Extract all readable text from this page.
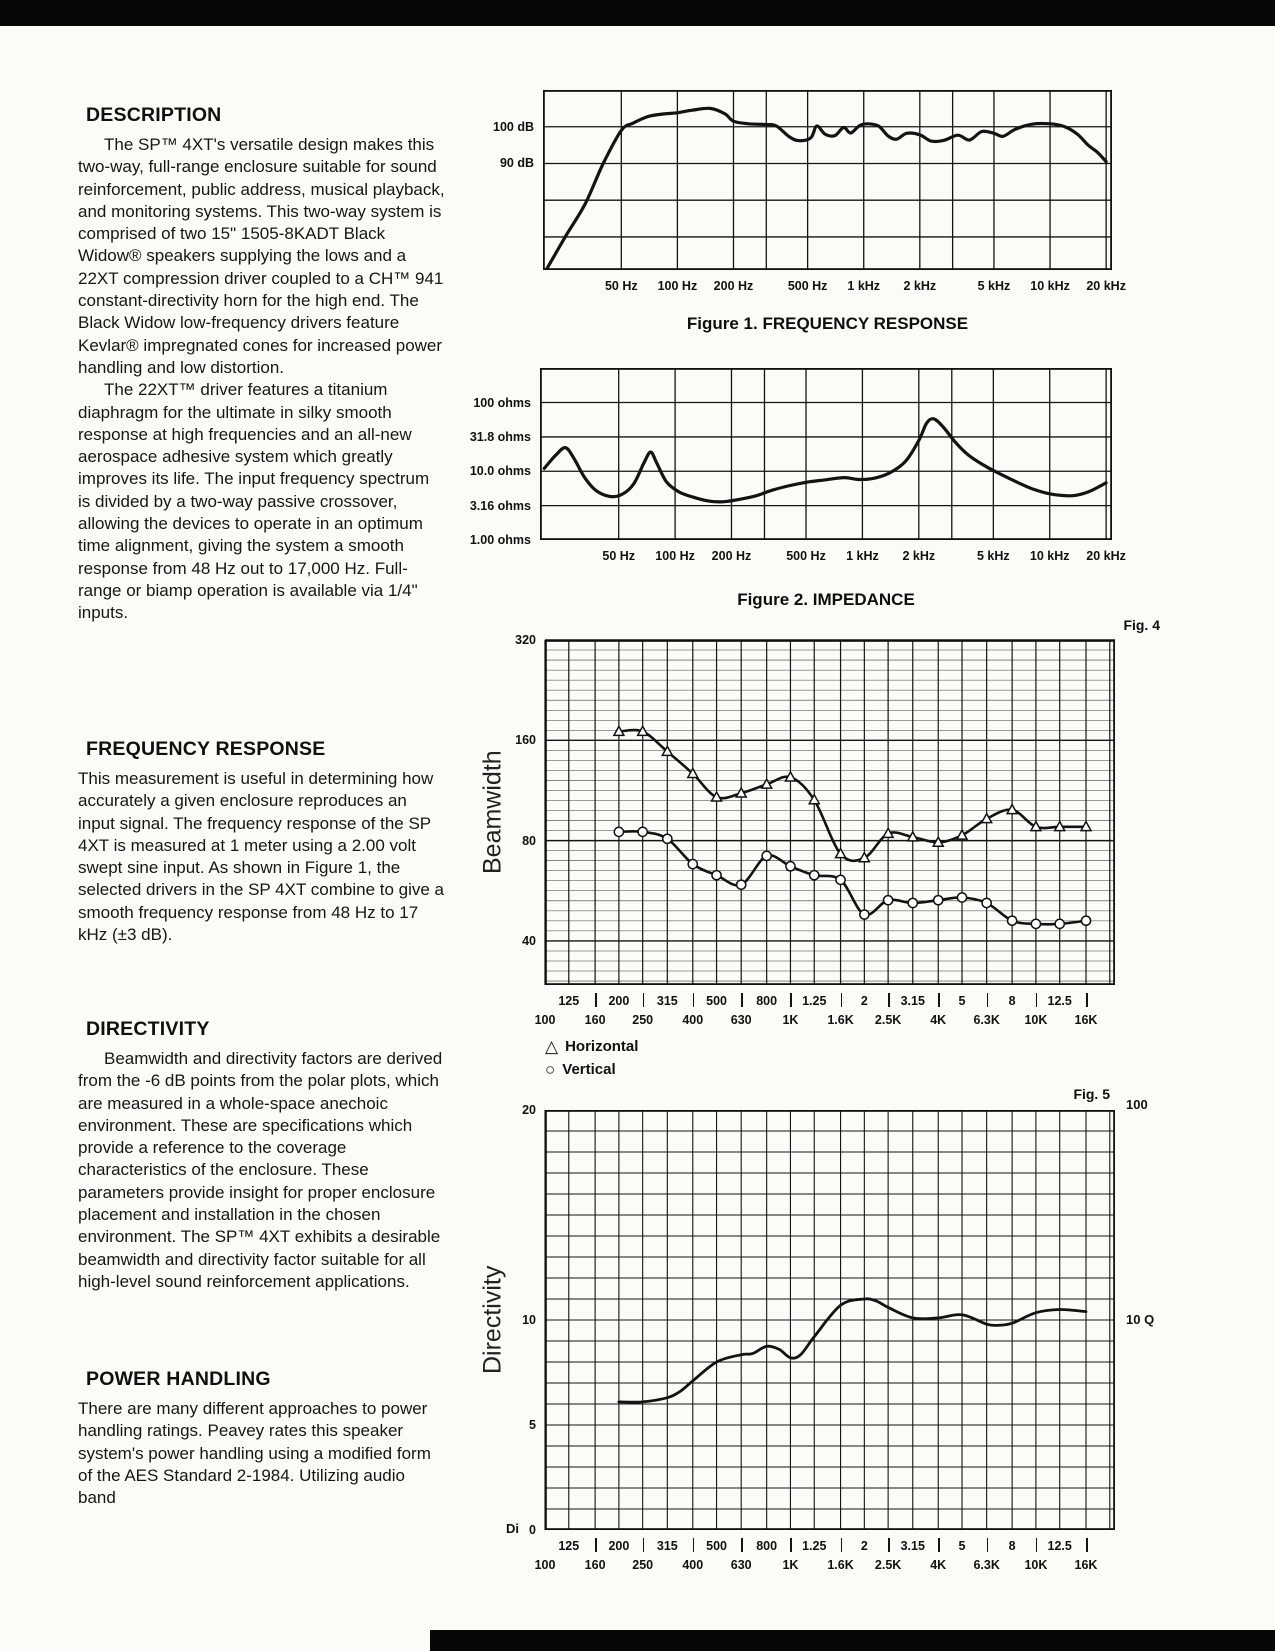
DESCRIPTION

The SP™ 4XT's versatile design makes this two-way, full-range enclosure suitable for sound reinforcement, public address, musical playback, and monitoring systems. This two-way system is comprised of two 15" 1505-8KADT Black Widow® speakers supplying the lows and a 22XT compression driver coupled to a CH™ 941 constant-directivity horn for the high end. The Black Widow low-frequency drivers feature Kevlar® impregnated cones for increased power handling and low distortion.

The 22XT™ driver features a titanium diaphragm for the ultimate in silky smooth response at high frequencies and an all-new aerospace adhesive system which greatly improves its life. The input frequency spectrum is divided by a two-way passive crossover, allowing the devices to operate in an optimum time alignment, giving the system a smooth response from 48 Hz out to 17,000 Hz. Full-range or biamp operation is available via 1/4" inputs.

FREQUENCY RESPONSE

This measurement is useful in determining how accurately a given enclosure reproduces an input signal. The frequency response of the SP 4XT is measured at 1 meter using a 2.00 volt swept sine input. As shown in Figure 1, the selected drivers in the SP 4XT combine to give a smooth frequency response from 48 Hz to 17 kHz (±3 dB).

DIRECTIVITY

Beamwidth and directivity factors are derived from the -6 dB points from the polar plots, which are measured in a whole-space anechoic environment. These are specifications which provide a reference to the coverage characteristics of the enclosure. These parameters provide insight for proper enclosure placement and installation in the chosen environment. The SP™ 4XT exhibits a desirable beamwidth and directivity factor suitable for all high-level sound reinforcement applications.

POWER HANDLING

There are many different approaches to power handling ratings. Peavey rates this speaker system's power handling using a modified form of the AES Standard 2-1984. Utilizing audio band

100 dB
90 dB
50 Hz 100 Hz 200 Hz	500 Hz 1 kHz 2 kHz	5 kHz 10 kHz 20 kHz
Figure 1. FREQUENCY RESPONSE
100 ohms
31.8 ohms
10.0 ohms
3.16 ohms
1.00 ohms
50 Hz 100 Hz 200 Hz	500 Hz 1 kHz 2 kHz	5 kHz 10 kHz 20 kHz
Figure 2. IMPEDANCE
Fig. 4
Beamwidth
320
160
80
40
125 200 315 500 800 1.25	2	3.15	5	8	12.5
100 160 250 400 630 1K 1.6K 2.5K 4K 6.3K 10K 16K
△ Horizontal
○ Vertical
Fig. 5
100
10 Q
Di
Directivity
20
10
5
0
125 200 315 500 800 1.25	2	3.15	5	8	12.5
100 160 250 400 630 1K 1.6K 2.5K 4K 6.3K 10K 16K
